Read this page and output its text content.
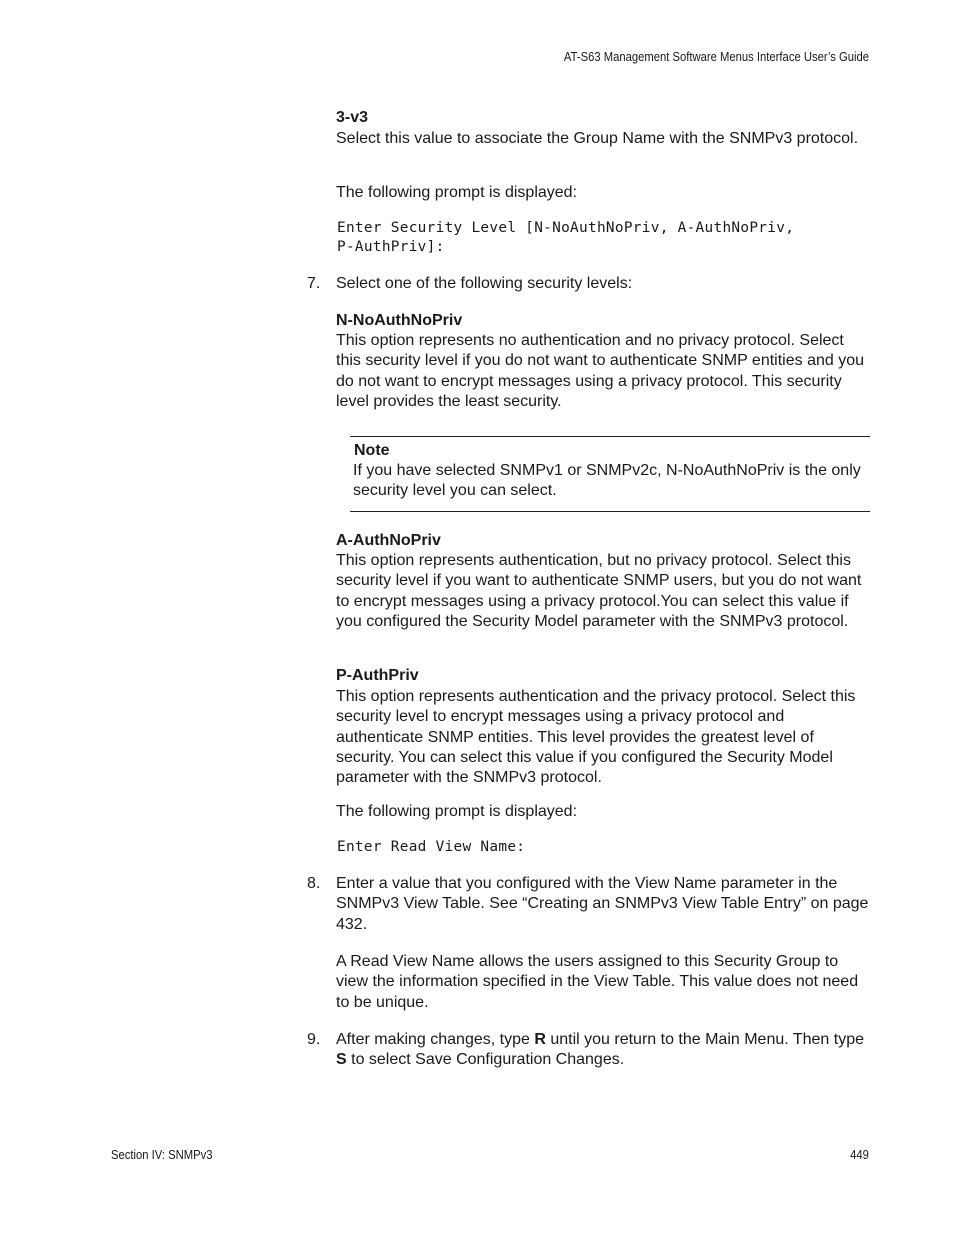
AT-S63 Management Software Menus Interface User’s Guide
3-v3
Select this value to associate the Group Name with the SNMPv3 protocol.
The following prompt is displayed:
Enter Security Level [N-NoAuthNoPriv, A-AuthNoPriv,
P-AuthPriv]:
7. Select one of the following security levels:
N-NoAuthNoPriv
This option represents no authentication and no privacy protocol. Select this security level if you do not want to authenticate SNMP entities and you do not want to encrypt messages using a privacy protocol. This security level provides the least security.
Note
If you have selected SNMPv1 or SNMPv2c, N-NoAuthNoPriv is the only security level you can select.
A-AuthNoPriv
This option represents authentication, but no privacy protocol. Select this security level if you want to authenticate SNMP users, but you do not want to encrypt messages using a privacy protocol.You can select this value if you configured the Security Model parameter with the SNMPv3 protocol.
P-AuthPriv
This option represents authentication and the privacy protocol. Select this security level to encrypt messages using a privacy protocol and authenticate SNMP entities. This level provides the greatest level of security. You can select this value if you configured the Security Model parameter with the SNMPv3 protocol.
The following prompt is displayed:
Enter Read View Name:
8. Enter a value that you configured with the View Name parameter in the SNMPv3 View Table. See “Creating an SNMPv3 View Table Entry” on page 432.
A Read View Name allows the users assigned to this Security Group to view the information specified in the View Table. This value does not need to be unique.
9. After making changes, type R until you return to the Main Menu. Then type S to select Save Configuration Changes.
Section IV: SNMPv3	449
